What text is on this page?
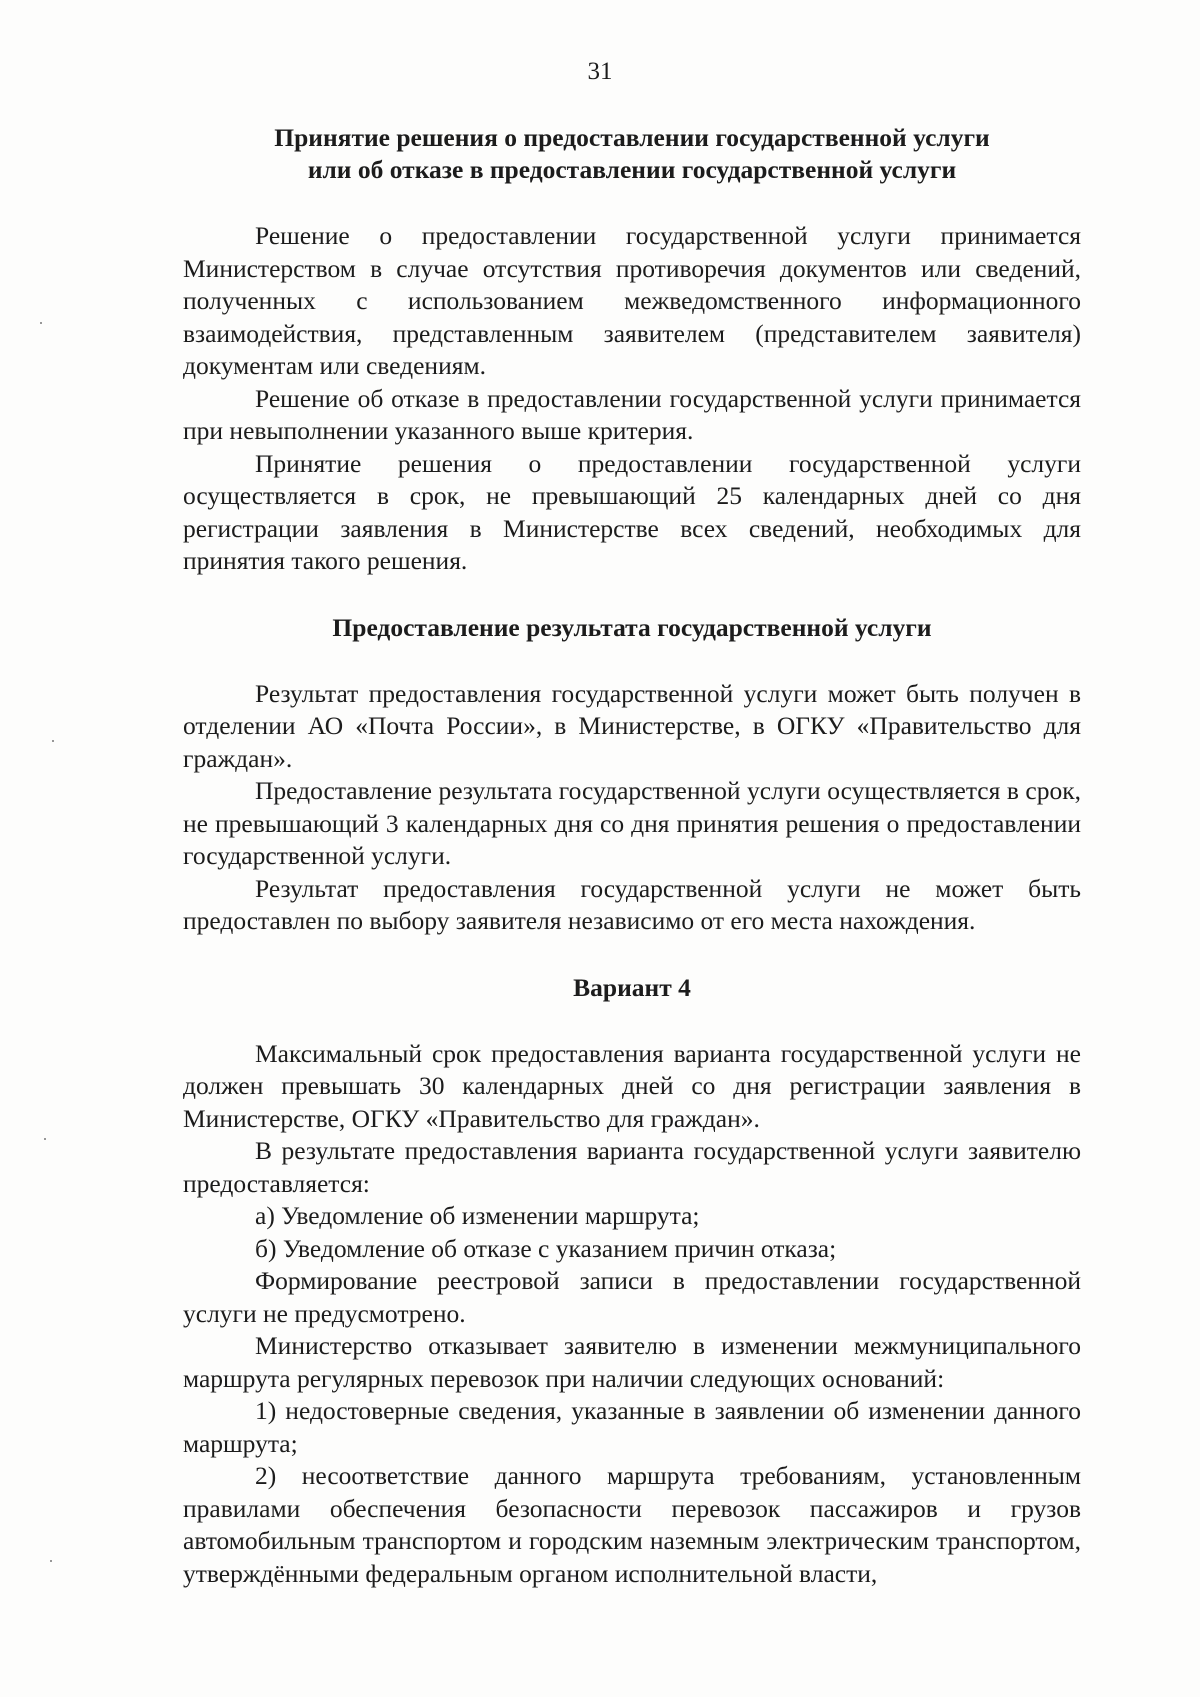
31
Принятие решения о предоставлении государственной услуги
или об отказе в предоставлении государственной услуги

Решение о предоставлении государственной услуги принимается Министерством в случае отсутствия противоречия документов или сведений, полученных с использованием межведомственного информационного взаимодействия, представленным заявителем (представителем заявителя) документам или сведениям.

Решение об отказе в предоставлении государственной услуги принимается при невыполнении указанного выше критерия.

Принятие решения о предоставлении государственной услуги осуществляется в срок, не превышающий 25 календарных дней со дня регистрации заявления в Министерстве всех сведений, необходимых для принятия такого решения.

Предоставление результата государственной услуги

Результат предоставления государственной услуги может быть получен в отделении АО «Почта России», в Министерстве, в ОГКУ «Правительство для граждан».

Предоставление результата государственной услуги осуществляется в срок, не превышающий 3 календарных дня со дня принятия решения о предоставлении государственной услуги.

Результат предоставления государственной услуги не может быть предоставлен по выбору заявителя независимо от его места нахождения.

Вариант 4

Максимальный срок предоставления варианта государственной услуги не должен превышать 30 календарных дней со дня регистрации заявления в Министерстве, ОГКУ «Правительство для граждан».

В результате предоставления варианта государственной услуги заявителю предоставляется:

а) Уведомление об изменении маршрута;

б) Уведомление об отказе с указанием причин отказа;

Формирование реестровой записи в предоставлении государственной услуги не предусмотрено.

Министерство отказывает заявителю в изменении межмуниципального маршрута регулярных перевозок при наличии следующих оснований:

1) недостоверные сведения, указанные в заявлении об изменении данного маршрута;

2) несоответствие данного маршрута требованиям, установленным правилами обеспечения безопасности перевозок пассажиров и грузов автомобильным транспортом и городским наземным электрическим транспортом, утверждёнными федеральным органом исполнительной власти,
